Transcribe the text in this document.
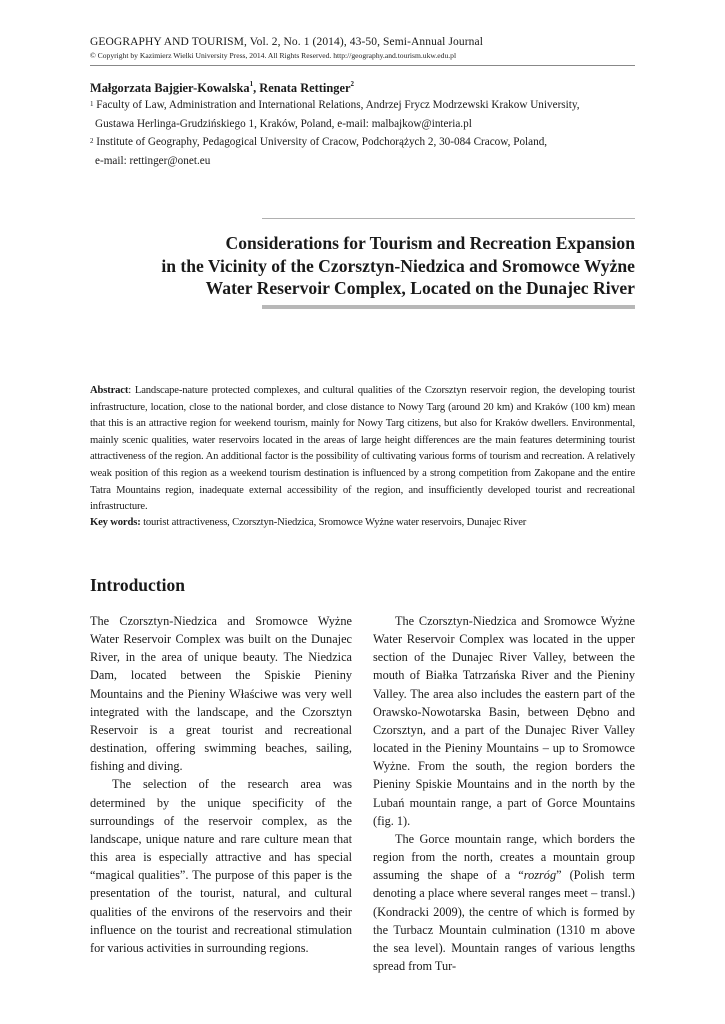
GEOGRAPHY AND TOURISM, Vol. 2, No. 1 (2014), 43-50, Semi-Annual Journal
© Copyright by Kazimierz Wielki University Press, 2014. All Rights Reserved. http://geography.and.tourism.ukw.edu.pl
Małgorzata Bajgier-Kowalska$^1$, Renata Rettinger$^2$
$^1$ Faculty of Law, Administration and International Relations, Andrzej Frycz Modrzewski Krakow University,
Gustawa Herlinga-Grudzińskiego 1, Kraków, Poland, e-mail: malbajkow@interia.pl
$^2$ Institute of Geography, Pedagogical University of Cracow, Podchorążych 2, 30-084 Cracow, Poland,
e-mail: rettinger@onet.eu
Considerations for Tourism and Recreation Expansion
in the Vicinity of the Czorsztyn-Niedzica and Sromowce Wyżne
Water Reservoir Complex, Located on the Dunajec River
Abstract: Landscape-nature protected complexes, and cultural qualities of the Czorsztyn reservoir region, the developing tourist infrastructure, location, close to the national border, and close distance to Nowy Targ (around 20 km) and Kraków (100 km) mean that this is an attractive region for weekend tourism, mainly for Nowy Targ citizens, but also for Kraków dwellers. Environmental, mainly scenic qualities, water reservoirs located in the areas of large height differences are the main features determining tourist attractiveness of the region. An additional factor is the possibility of cultivating various forms of tourism and recreation. A relatively weak position of this region as a weekend tourism destination is influenced by a strong competition from Zakopane and the entire Tatra Mountains region, inadequate external accessibility of the region, and insufficiently developed tourist and recreational infrastructure.
Key words: tourist attractiveness, Czorsztyn-Niedzica, Sromowce Wyżne water reservoirs, Dunajec River
Introduction

The Czorsztyn-Niedzica and Sromowce Wyżne Water Reservoir Complex was built on the Dunajec River, in the area of unique beauty. The Niedzica Dam, located between the Spiskie Pieniny Mountains and the Pieniny Właściwe was very well integrated with the landscape, and the Czorsztyn Reservoir is a great tourist and recreational destination, offering swimming beaches, sailing, fishing and diving.

The selection of the research area was determined by the unique specificity of the surroundings of the reservoir complex, as the landscape, unique nature and rare culture mean that this area is especially attractive and has special “magical qualities”. The purpose of this paper is the presentation of the tourist, natural, and cultural qualities of the environs of the reservoirs and their influence on the tourist and recreational stimulation for various activities in surrounding regions.

The Czorsztyn-Niedzica and Sromowce Wyżne Water Reservoir Complex was located in the upper section of the Dunajec River Valley, between the mouth of Białka Tatrzańska River and the Pieniny Valley. The area also includes the eastern part of the Orawsko-Nowotarska Basin, between Dębno and Czorsztyn, and a part of the Dunajec River Valley located in the Pieniny Mountains – up to Sromowce Wyżne. From the south, the region borders the Pieniny Spiskie Mountains and in the north by the Lubań mountain range, a part of Gorce Mountains (fig. 1).

The Gorce mountain range, which borders the region from the north, creates a mountain group assuming the shape of a “rozróg” (Polish term denoting a place where several ranges meet – transl.) (Kondracki 2009), the centre of which is formed by the Turbacz Mountain culmination (1310 m above the sea level). Mountain ranges of various lengths spread from Tur-
